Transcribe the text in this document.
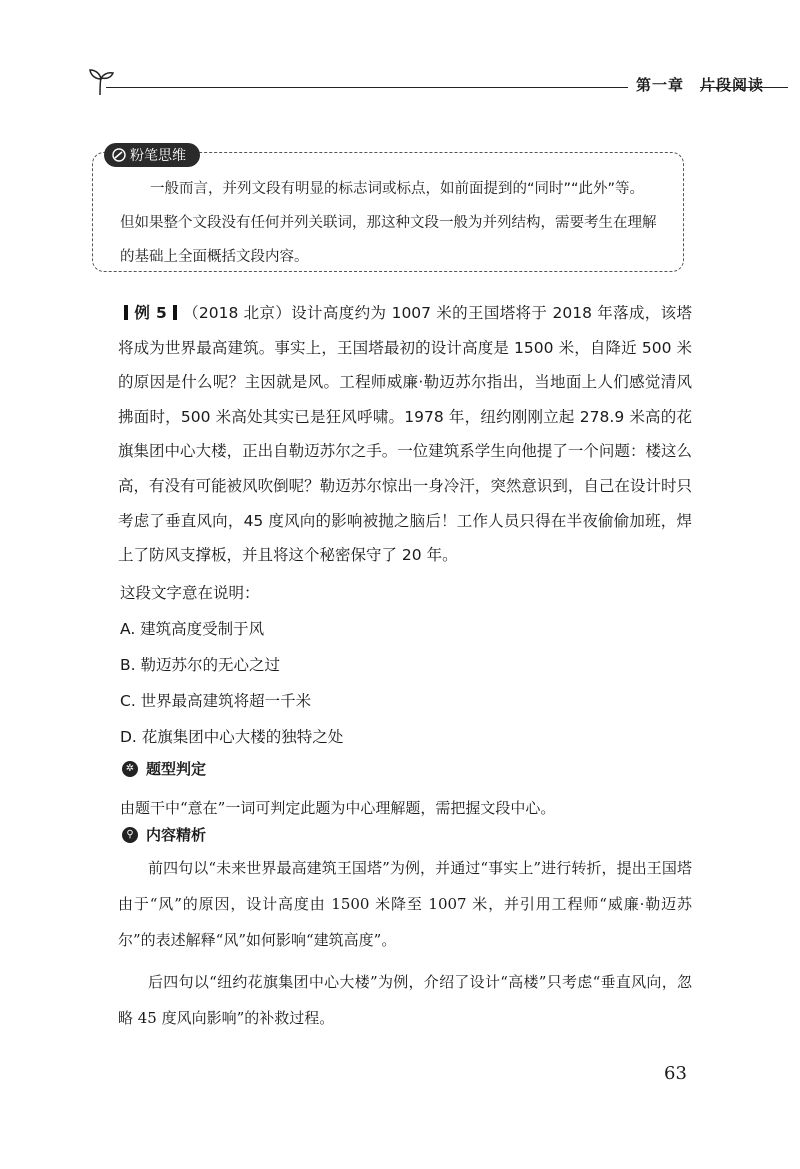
第一章　片段阅读
粉笔思维

一般而言，并列文段有明显的标志词或标点，如前面提到的“同时”“此外”等。

但如果整个文段没有任何并列关联词，那这种文段一般为并列结构，需要考生在理解的基础上全面概括文段内容。

例 5 （2018 北京）设计高度约为 1007 米的王国塔将于 2018 年落成，该塔将成为世界最高建筑。事实上，王国塔最初的设计高度是 1500 米，自降近 500 米的原因是什么呢？主因就是风。工程师威廉·勒迈苏尔指出，当地面上人们感觉清风拂面时，500 米高处其实已是狂风呼啸。1978 年，纽约刚刚立起 278.9 米高的花旗集团中心大楼，正出自勒迈苏尔之手。一位建筑系学生向他提了一个问题：楼这么高，有没有可能被风吹倒呢？勒迈苏尔惊出一身冷汗，突然意识到，自己在设计时只考虑了垂直风向，45 度风向的影响被抛之脑后！工作人员只得在半夜偷偷加班，焊上了防风支撑板，并且将这个秘密保守了 20 年。

这段文字意在说明：
A. 建筑高度受制于风
B. 勒迈苏尔的无心之过
C. 世界最高建筑将超一千米
D. 花旗集团中心大楼的独特之处
✲ 题型判定
由题干中“意在”一词可判定此题为中心理解题，需把握文段中心。
⚲ 内容精析

前四句以“未来世界最高建筑王国塔”为例，并通过“事实上”进行转折，提出王国塔由于“风”的原因，设计高度由 1500 米降至 1007 米，并引用工程师“威廉·勒迈苏尔”的表述解释“风”如何影响“建筑高度”。

后四句以“纽约花旗集团中心大楼”为例，介绍了设计“高楼”只考虑“垂直风向，忽略 45 度风向影响”的补救过程。

63
